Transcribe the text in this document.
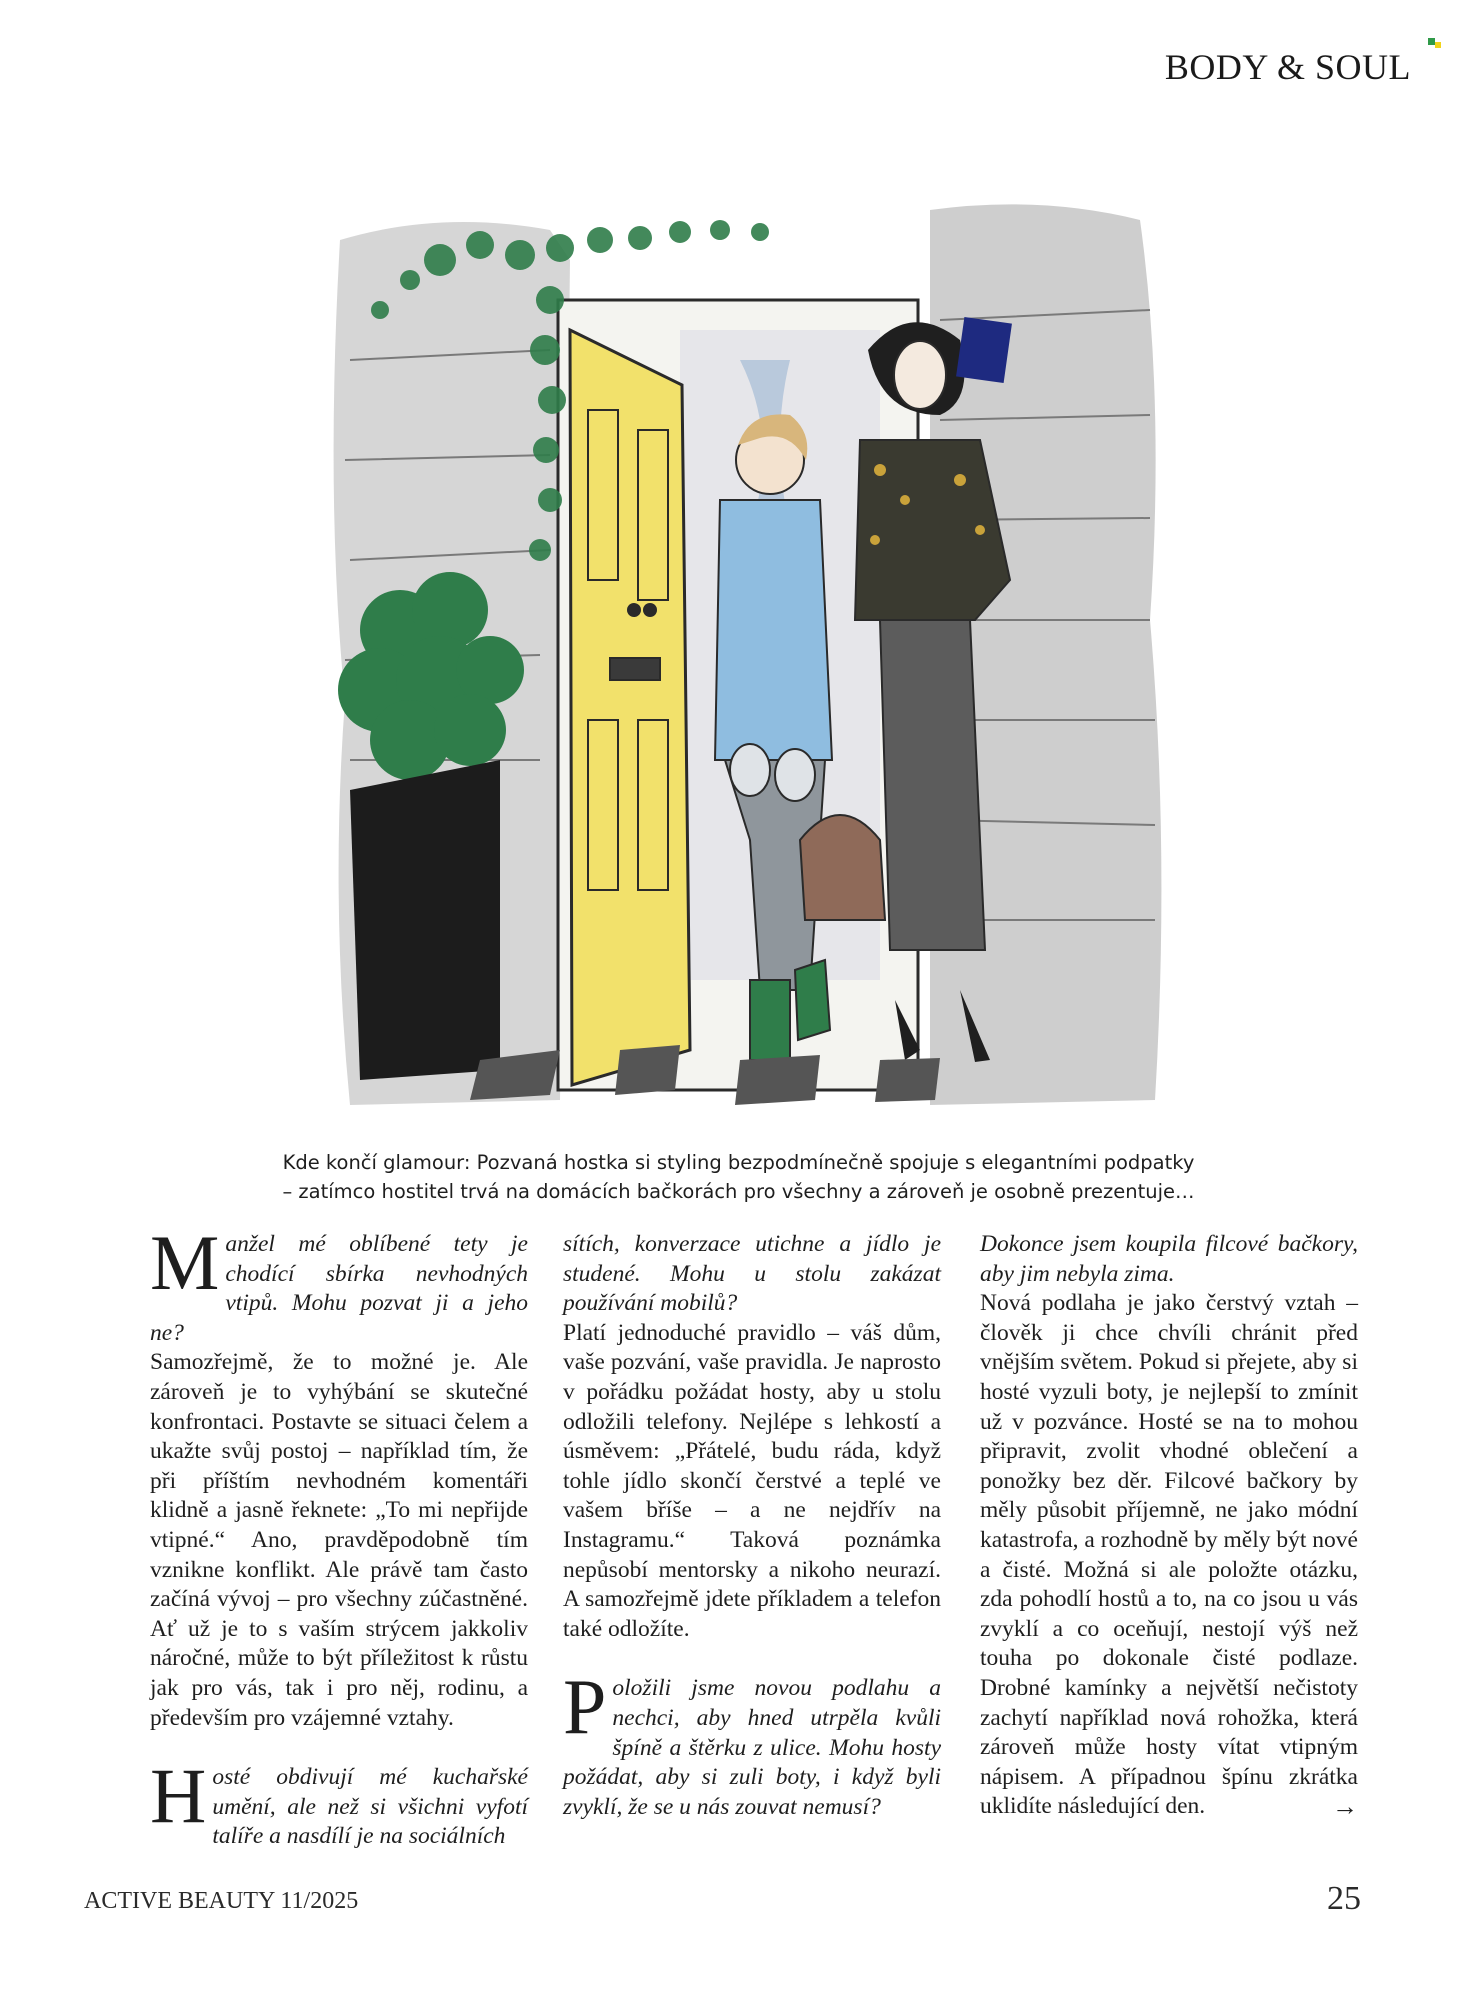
BODY & SOUL
Kde končí glamour: Pozvaná hostka si styling bezpodmínečně spojuje s elegantními podpatky
– zatímco hostitel trvá na domácích bačkorách pro všechny a zároveň je osobně prezentuje…

Manžel mé oblíbené tety je chodící sbírka nevhodných vtipů. Mohu pozvat ji a jeho ne?

Samozřejmě, že to možné je. Ale zároveň je to vyhýbání se skutečné konfrontaci. Postavte se situaci čelem a ukažte svůj postoj – například tím, že při příštím nevhodném komentáři klidně a jasně řeknete: „To mi nepřijde vtipné.“ Ano, pravděpodobně tím vznikne konflikt. Ale právě tam často začíná vývoj – pro všechny zúčastněné. Ať už je to s vaším strýcem jakkoliv náročné, může to být příležitost k růstu jak pro vás, tak i pro něj, rodinu, a především pro vzájemné vztahy.

Hosté obdivují mé kuchařské umění, ale než si všichni vyfotí talíře a nasdílí je na sociálních

sítích, konverzace utichne a jídlo je studené. Mohu u stolu zakázat používání mobilů?

Platí jednoduché pravidlo – váš dům, vaše pozvání, vaše pravidla. Je naprosto v pořádku požádat hosty, aby u stolu odložili telefony. Nejlépe s lehkostí a úsměvem: „Přátelé, budu ráda, když tohle jídlo skončí čerstvé a teplé ve vašem bříše – a ne nejdřív na Instagramu.“ Taková poznámka nepůsobí mentorsky a nikoho neurazí. A samozřejmě jdete příkladem a telefon také odložíte.

Položili jsme novou podlahu a nechci, aby hned utrpěla kvůli špíně a štěrku z ulice. Mohu hosty požádat, aby si zuli boty, i když byli zvyklí, že se u nás zouvat nemusí?

Dokonce jsem koupila filcové bačkory, aby jim nebyla zima.

Nová podlaha je jako čerstvý vztah – člověk ji chce chvíli chránit před vnějším světem. Pokud si přejete, aby si hosté vyzuli boty, je nejlepší to zmínit už v pozvánce. Hosté se na to mohou připravit, zvolit vhodné oblečení a ponožky bez děr. Filcové bačkory by měly působit příjemně, ne jako módní katastrofa, a rozhodně by měly být nové a čisté. Možná si ale položte otázku, zda pohodlí hostů a to, na co jsou u vás zvyklí a co oceňují, nestojí výš než touha po dokonale čisté podlaze. Drobné kamínky a největší nečistoty zachytí například nová rohožka, která zároveň může hosty vítat vtipným nápisem. A případnou špínu zkrátka uklidíte následující den.	→

ACTIVE BEAUTY 11/2025	25
